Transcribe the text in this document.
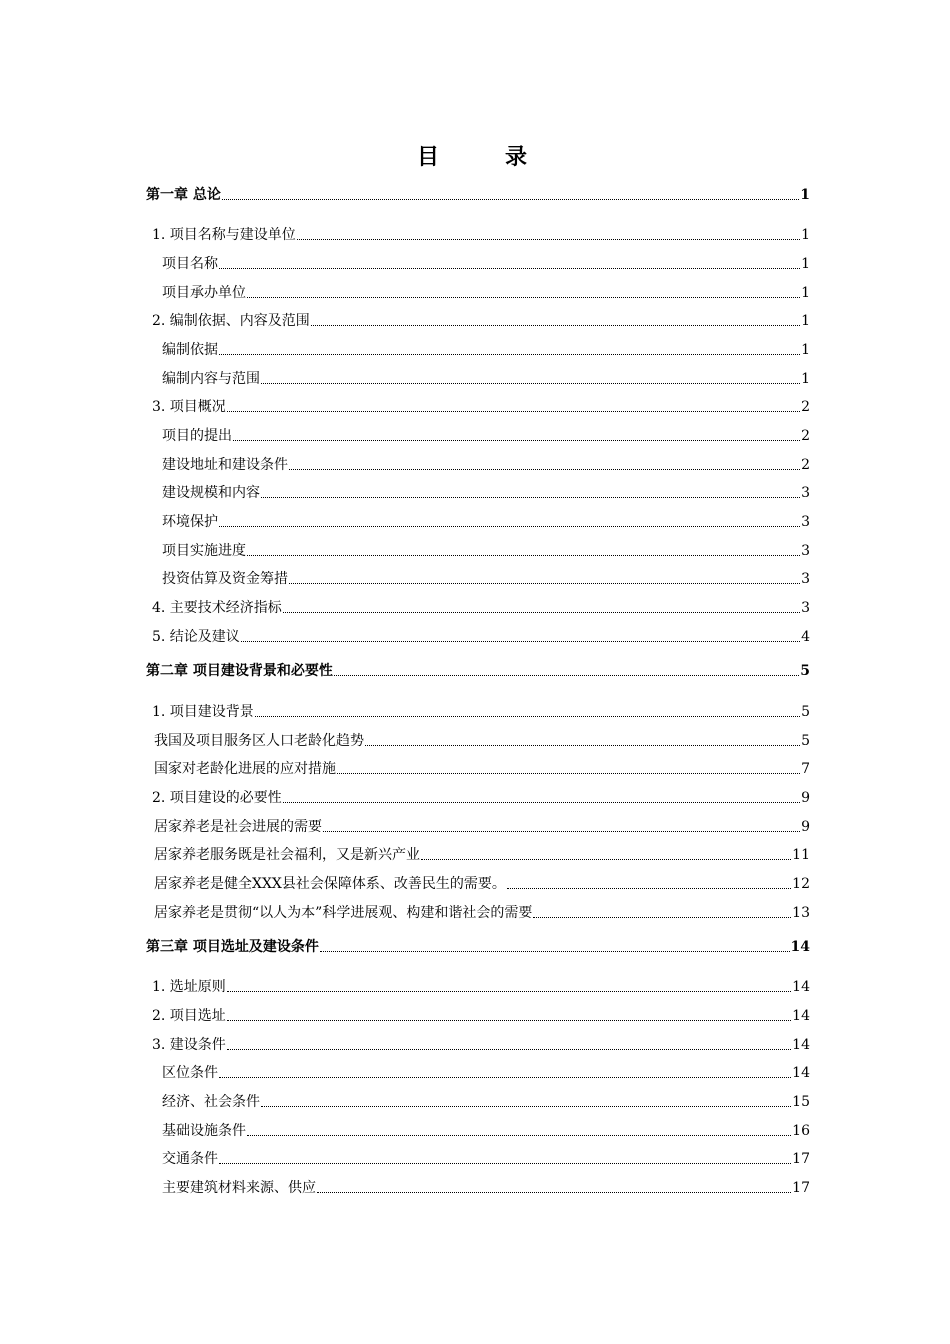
目　录
第一章 总论	1
1. 项目名称与建设单位	1
项目名称	1
项目承办单位	1
2. 编制依据、内容及范围	1
编制依据	1
编制内容与范围	1
3. 项目概况	2
项目的提出	2
建设地址和建设条件	2
建设规模和内容	3
环境保护	3
项目实施进度	3
投资估算及资金筹措	3
4. 主要技术经济指标	3
5. 结论及建议	4
第二章 项目建设背景和必要性	5
1. 项目建设背景	5
我国及项目服务区人口老龄化趋势	5
国家对老龄化进展的应对措施	7
2. 项目建设的必要性	9
居家养老是社会进展的需要	9
居家养老服务既是社会福利，又是新兴产业	11
居家养老是健全XXX县社会保障体系、改善民生的需要。	12
居家养老是贯彻“以人为本”科学进展观、构建和谐社会的需要	13
第三章 项目选址及建设条件	14
1. 选址原则	14
2. 项目选址	14
3. 建设条件	14
区位条件	14
经济、社会条件	15
基础设施条件	16
交通条件	17
主要建筑材料来源、供应	17
